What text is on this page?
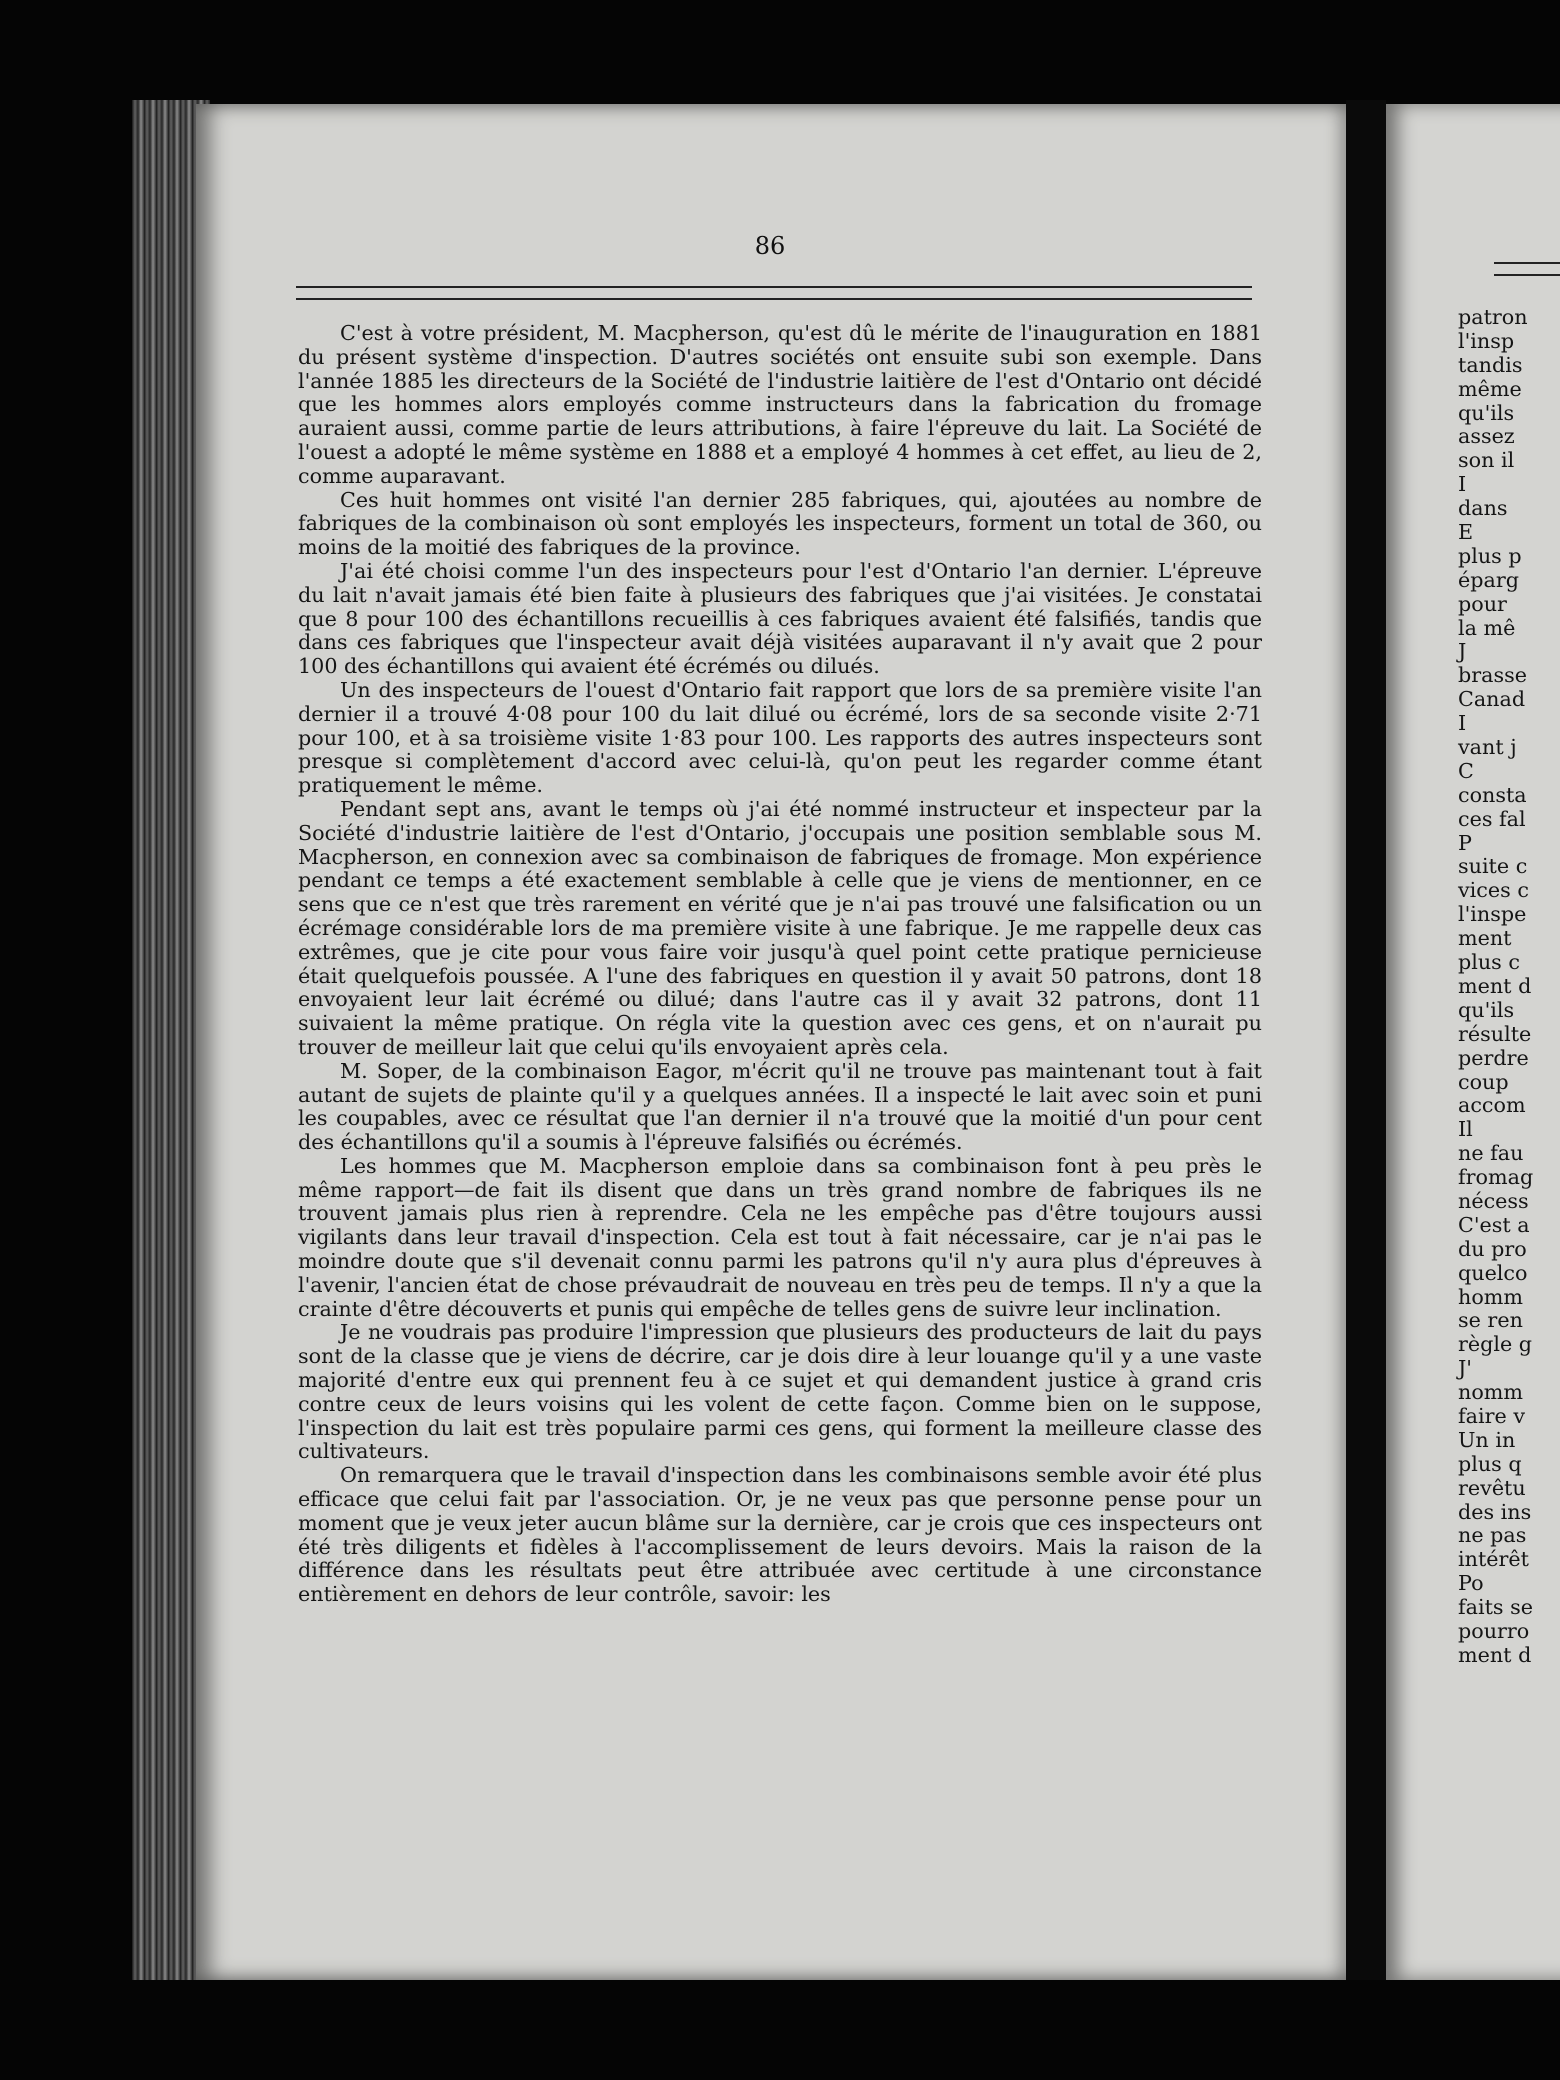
86

C'est à votre président, M. Macpherson, qu'est dû le mérite de l'inauguration en 1881 du présent système d'inspection. D'autres sociétés ont ensuite subi son exemple. Dans l'année 1885 les directeurs de la Société de l'industrie laitière de l'est d'Ontario ont décidé que les hommes alors employés comme instructeurs dans la fabrication du fromage auraient aussi, comme partie de leurs attributions, à faire l'épreuve du lait. La Société de l'ouest a adopté le même système en 1888 et a employé 4 hommes à cet effet, au lieu de 2, comme auparavant.

Ces huit hommes ont visité l'an dernier 285 fabriques, qui, ajoutées au nombre de fabriques de la combinaison où sont employés les inspecteurs, forment un total de 360, ou moins de la moitié des fabriques de la province.

J'ai été choisi comme l'un des inspecteurs pour l'est d'Ontario l'an dernier. L'épreuve du lait n'avait jamais été bien faite à plusieurs des fabriques que j'ai visitées. Je constatai que 8 pour 100 des échantillons recueillis à ces fabriques avaient été falsifiés, tandis que dans ces fabriques que l'inspecteur avait déjà visitées auparavant il n'y avait que 2 pour 100 des échantillons qui avaient été écrémés ou dilués.

Un des inspecteurs de l'ouest d'Ontario fait rapport que lors de sa première visite l'an dernier il a trouvé 4·08 pour 100 du lait dilué ou écrémé, lors de sa seconde visite 2·71 pour 100, et à sa troisième visite 1·83 pour 100. Les rapports des autres inspecteurs sont presque si complètement d'accord avec celui-là, qu'on peut les regarder comme étant pratiquement le même.

Pendant sept ans, avant le temps où j'ai été nommé instructeur et inspecteur par la Société d'industrie laitière de l'est d'Ontario, j'occupais une position semblable sous M. Macpherson, en connexion avec sa combinaison de fabriques de fromage. Mon expérience pendant ce temps a été exactement semblable à celle que je viens de mentionner, en ce sens que ce n'est que très rarement en vérité que je n'ai pas trouvé une falsification ou un écrémage considérable lors de ma première visite à une fabrique. Je me rappelle deux cas extrêmes, que je cite pour vous faire voir jusqu'à quel point cette pratique pernicieuse était quelquefois poussée. A l'une des fabriques en question il y avait 50 patrons, dont 18 envoyaient leur lait écrémé ou dilué; dans l'autre cas il y avait 32 patrons, dont 11 suivaient la même pratique. On régla vite la question avec ces gens, et on n'aurait pu trouver de meilleur lait que celui qu'ils envoyaient après cela.

M. Soper, de la combinaison Eagor, m'écrit qu'il ne trouve pas maintenant tout à fait autant de sujets de plainte qu'il y a quelques années. Il a inspecté le lait avec soin et puni les coupables, avec ce résultat que l'an dernier il n'a trouvé que la moitié d'un pour cent des échantillons qu'il a soumis à l'épreuve falsifiés ou écrémés.

Les hommes que M. Macpherson emploie dans sa combinaison font à peu près le même rapport—de fait ils disent que dans un très grand nombre de fabriques ils ne trouvent jamais plus rien à reprendre. Cela ne les empêche pas d'être toujours aussi vigilants dans leur travail d'inspection. Cela est tout à fait nécessaire, car je n'ai pas le moindre doute que s'il devenait connu parmi les patrons qu'il n'y aura plus d'épreuves à l'avenir, l'ancien état de chose prévaudrait de nouveau en très peu de temps. Il n'y a que la crainte d'être découverts et punis qui empêche de telles gens de suivre leur inclination.

Je ne voudrais pas produire l'impression que plusieurs des producteurs de lait du pays sont de la classe que je viens de décrire, car je dois dire à leur louange qu'il y a une vaste majorité d'entre eux qui prennent feu à ce sujet et qui demandent justice à grand cris contre ceux de leurs voisins qui les volent de cette façon. Comme bien on le suppose, l'inspection du lait est très populaire parmi ces gens, qui forment la meilleure classe des cultivateurs.

On remarquera que le travail d'inspection dans les combinaisons semble avoir été plus efficace que celui fait par l'association. Or, je ne veux pas que personne pense pour un moment que je veux jeter aucun blâme sur la dernière, car je crois que ces inspecteurs ont été très diligents et fidèles à l'accomplissement de leurs devoirs. Mais la raison de la différence dans les résultats peut être attribuée avec certitude à une circonstance entièrement en dehors de leur contrôle, savoir: les

patron
l'insp
tandis
même
qu'ils
assez
son il
I
dans
E
plus p
éparg
pour
la mê
J
brasse
Canad
I
vant j
C
consta
ces fal
P
suite c
vices c
l'inspe
ment
plus c
ment d
qu'ils
résulte
perdre
coup
accom
Il
ne fau
fromag
nécess
C'est a
du pro
quelco
homm
se ren
règle g
J'
nomm
faire v
Un in
plus q
revêtu
des ins
ne pas
intérêt
Po
faits se
pourro
ment d
